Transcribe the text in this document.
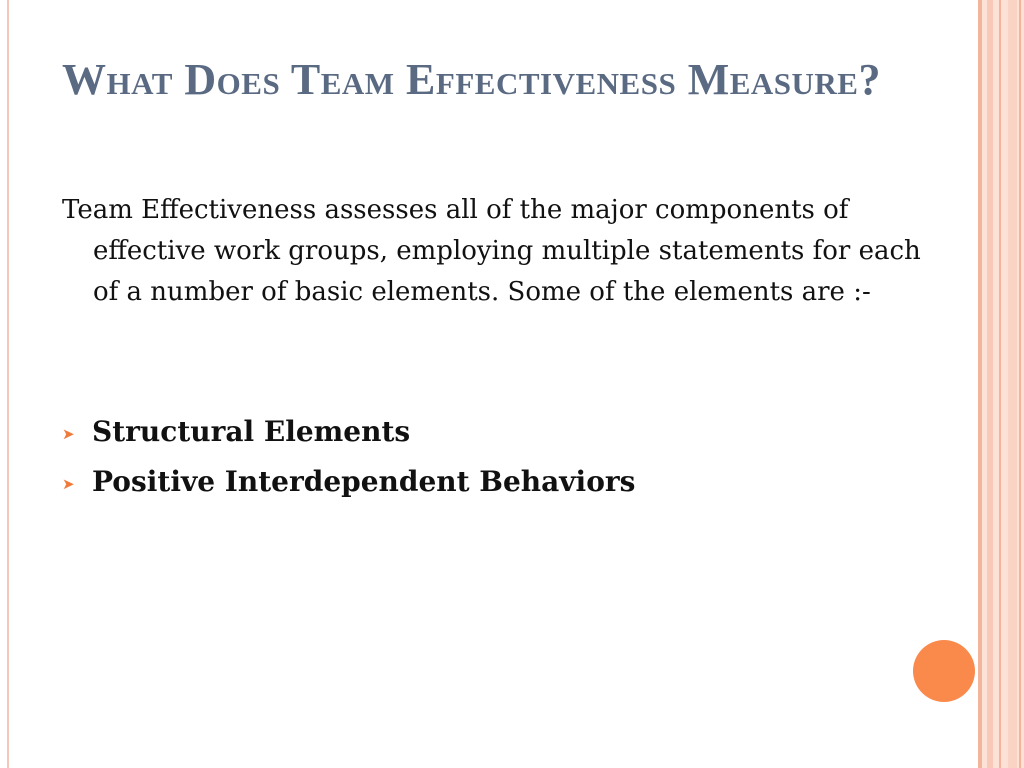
What Does Team Effectiveness Measure?

Team Effectiveness assesses all of the major components of effective work groups, employing multiple statements for each of a number of basic elements. Some of the elements are :-

➤ Structural Elements
➤ Positive Interdependent Behaviors
